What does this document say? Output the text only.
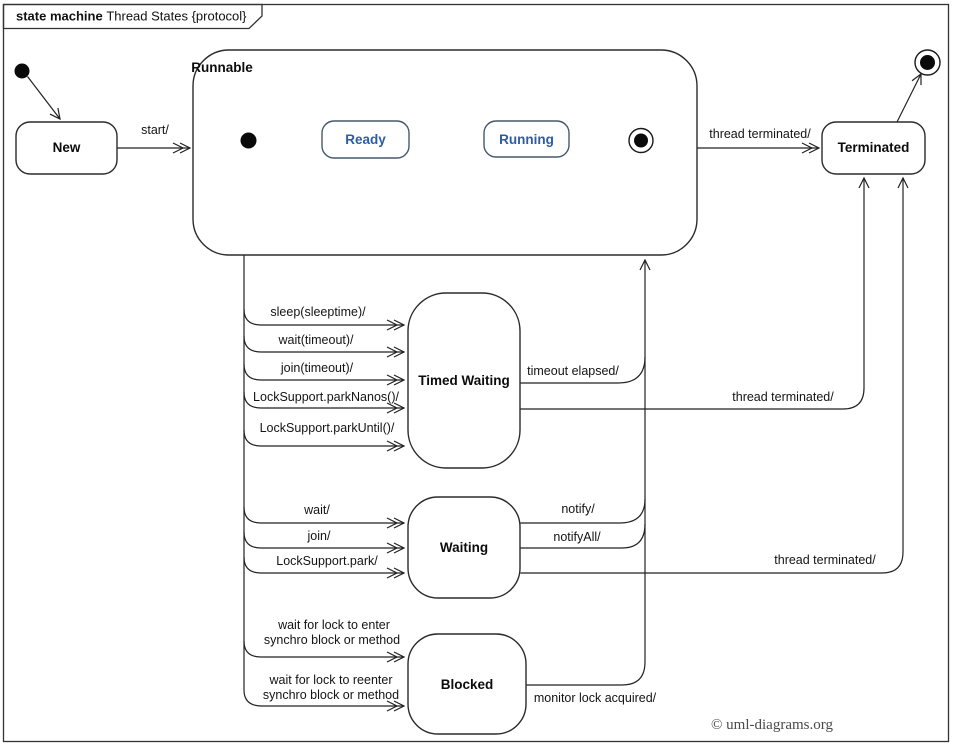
state machine Thread States {protocol}
start/	thread terminated/
sleep(sleeptime)/
wait(timeout)/
join(timeout)/
LockSupport.parkNanos()/
LockSupport.parkUntil()/
wait/
join/
LockSupport.park/
wait for lock to enter
synchro block or method
wait for lock to reenter
synchro block or method	monitor lock acquired/
timeout elapsed/
notify/
notifyAll/
thread terminated/
thread terminated/
Runnable
New
Ready	Running
Terminated
Timed Waiting
Waiting
Blocked
© uml-diagrams.org
